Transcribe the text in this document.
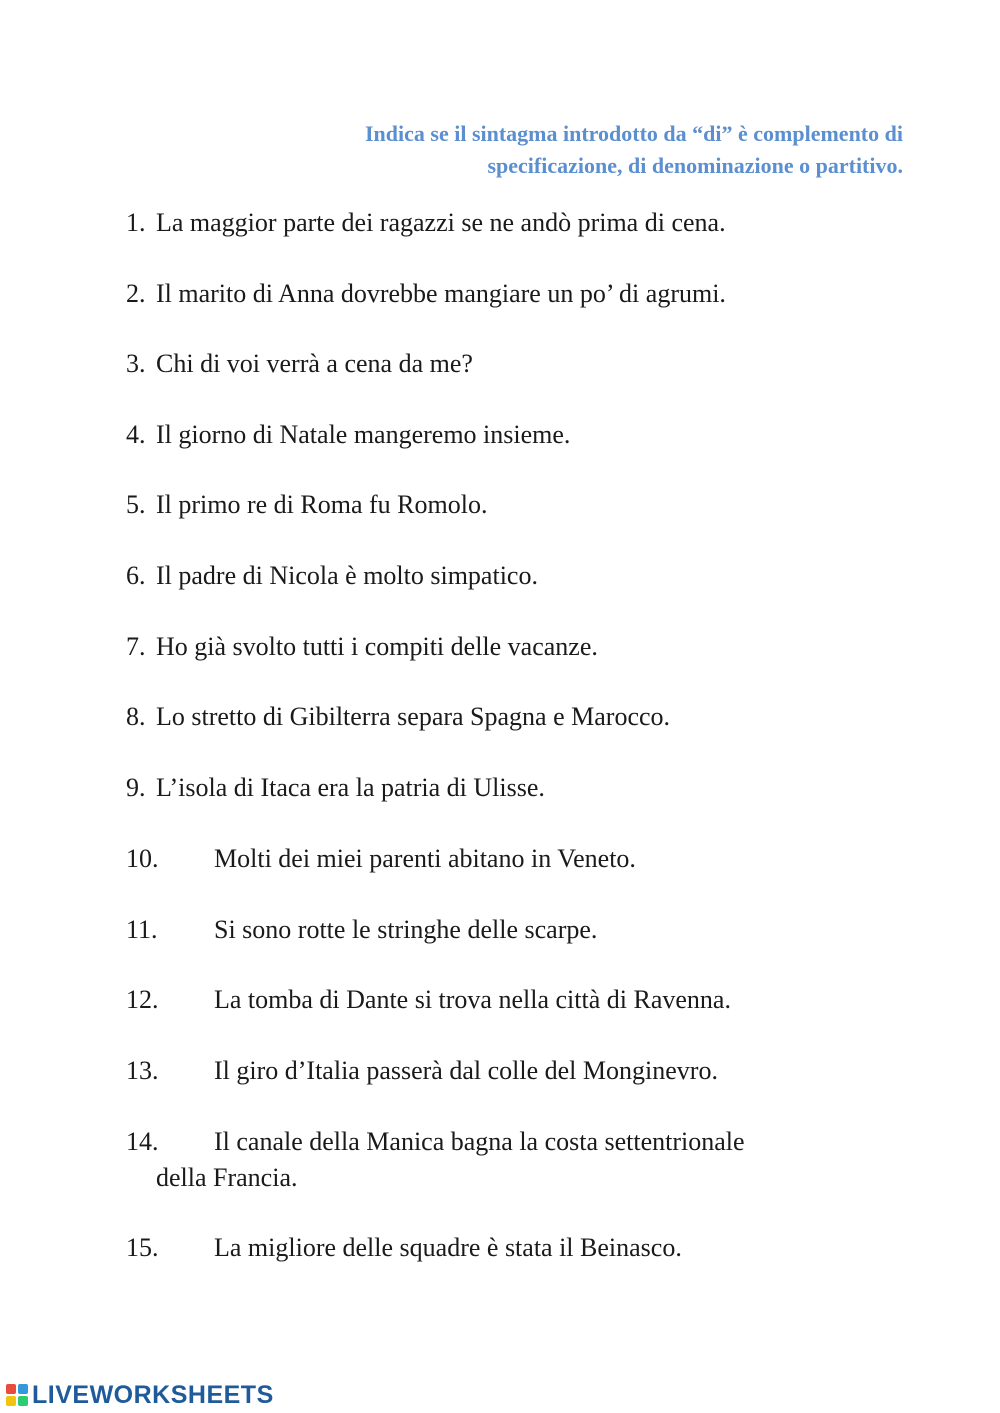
Indica se il sintagma introdotto da “di” è complemento di
specificazione, di denominazione o partitivo.
1. La maggior parte dei ragazzi se ne andò prima di cena.
2. Il marito di Anna dovrebbe mangiare un po’ di agrumi.
3. Chi di voi verrà a cena da me?
4. Il giorno di Natale mangeremo insieme.
5. Il primo re di Roma fu Romolo.
6. Il padre di Nicola è molto simpatico.
7. Ho già svolto tutti i compiti delle vacanze.
8. Lo stretto di Gibilterra separa Spagna e Marocco.
9. L’isola di Itaca era la patria di Ulisse.
10. Molti dei miei parenti abitano in Veneto.
11. Si sono rotte le stringhe delle scarpe.
12. La tomba di Dante si trova nella città di Ravenna.
13. Il giro d’Italia passerà dal colle del Monginevro.
14. Il canale della Manica bagna la costa settentrionale
della Francia.
15. La migliore delle squadre è stata il Beinasco.
LIVEWORKSHEETS
